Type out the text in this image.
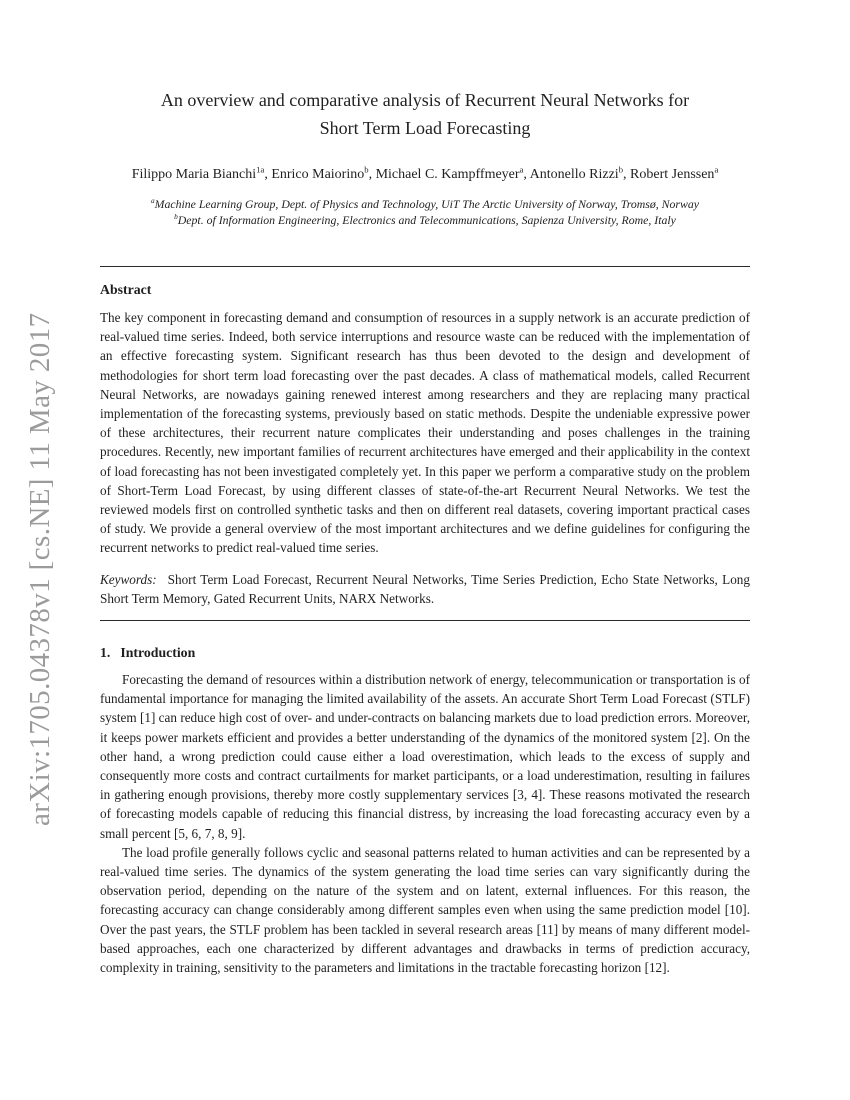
arXiv:1705.04378v1 [cs.NE] 11 May 2017
An overview and comparative analysis of Recurrent Neural Networks for
Short Term Load Forecasting
Filippo Maria Bianchi$^{1a}$, Enrico Maiorino$^b$, Michael C. Kampffmeyer$^a$, Antonello Rizzi$^b$, Robert Jenssen$^a$
$^a$Machine Learning Group, Dept. of Physics and Technology, UiT The Arctic University of Norway, Tromsø, Norway
$^b$Dept. of Information Engineering, Electronics and Telecommunications, Sapienza University, Rome, Italy
Abstract

The key component in forecasting demand and consumption of resources in a supply network is an accurate prediction of real-valued time series. Indeed, both service interruptions and resource waste can be reduced with the implementation of an effective forecasting system. Significant research has thus been devoted to the design and development of methodologies for short term load forecasting over the past decades. A class of mathematical models, called Recurrent Neural Networks, are nowadays gaining renewed interest among researchers and they are replacing many practical implementation of the forecasting systems, previously based on static methods. Despite the undeniable expressive power of these architectures, their recurrent nature complicates their understanding and poses challenges in the training procedures. Recently, new important families of recurrent architectures have emerged and their applicability in the context of load forecasting has not been investigated completely yet. In this paper we perform a comparative study on the problem of Short-Term Load Forecast, by using different classes of state-of-the-art Recurrent Neural Networks. We test the reviewed models first on controlled synthetic tasks and then on different real datasets, covering important practical cases of study. We provide a general overview of the most important architectures and we define guidelines for configuring the recurrent networks to predict real-valued time series.

Keywords: Short Term Load Forecast, Recurrent Neural Networks, Time Series Prediction, Echo State Networks, Long Short Term Memory, Gated Recurrent Units, NARX Networks.

1. Introduction

Forecasting the demand of resources within a distribution network of energy, telecommunication or transportation is of fundamental importance for managing the limited availability of the assets. An accurate Short Term Load Forecast (STLF) system [1] can reduce high cost of over- and under-contracts on balancing markets due to load prediction errors. Moreover, it keeps power markets efficient and provides a better understanding of the dynamics of the monitored system [2]. On the other hand, a wrong prediction could cause either a load overestimation, which leads to the excess of supply and consequently more costs and contract curtailments for market participants, or a load underestimation, resulting in failures in gathering enough provisions, thereby more costly supplementary services [3, 4]. These reasons motivated the research of forecasting models capable of reducing this financial distress, by increasing the load forecasting accuracy even by a small percent [5, 6, 7, 8, 9].

The load profile generally follows cyclic and seasonal patterns related to human activities and can be represented by a real-valued time series. The dynamics of the system generating the load time series can vary significantly during the observation period, depending on the nature of the system and on latent, external influences. For this reason, the forecasting accuracy can change considerably among different samples even when using the same prediction model [10]. Over the past years, the STLF problem has been tackled in several research areas [11] by means of many different model-based approaches, each one characterized by different advantages and drawbacks in terms of prediction accuracy, complexity in training, sensitivity to the parameters and limitations in the tractable forecasting horizon [12].
